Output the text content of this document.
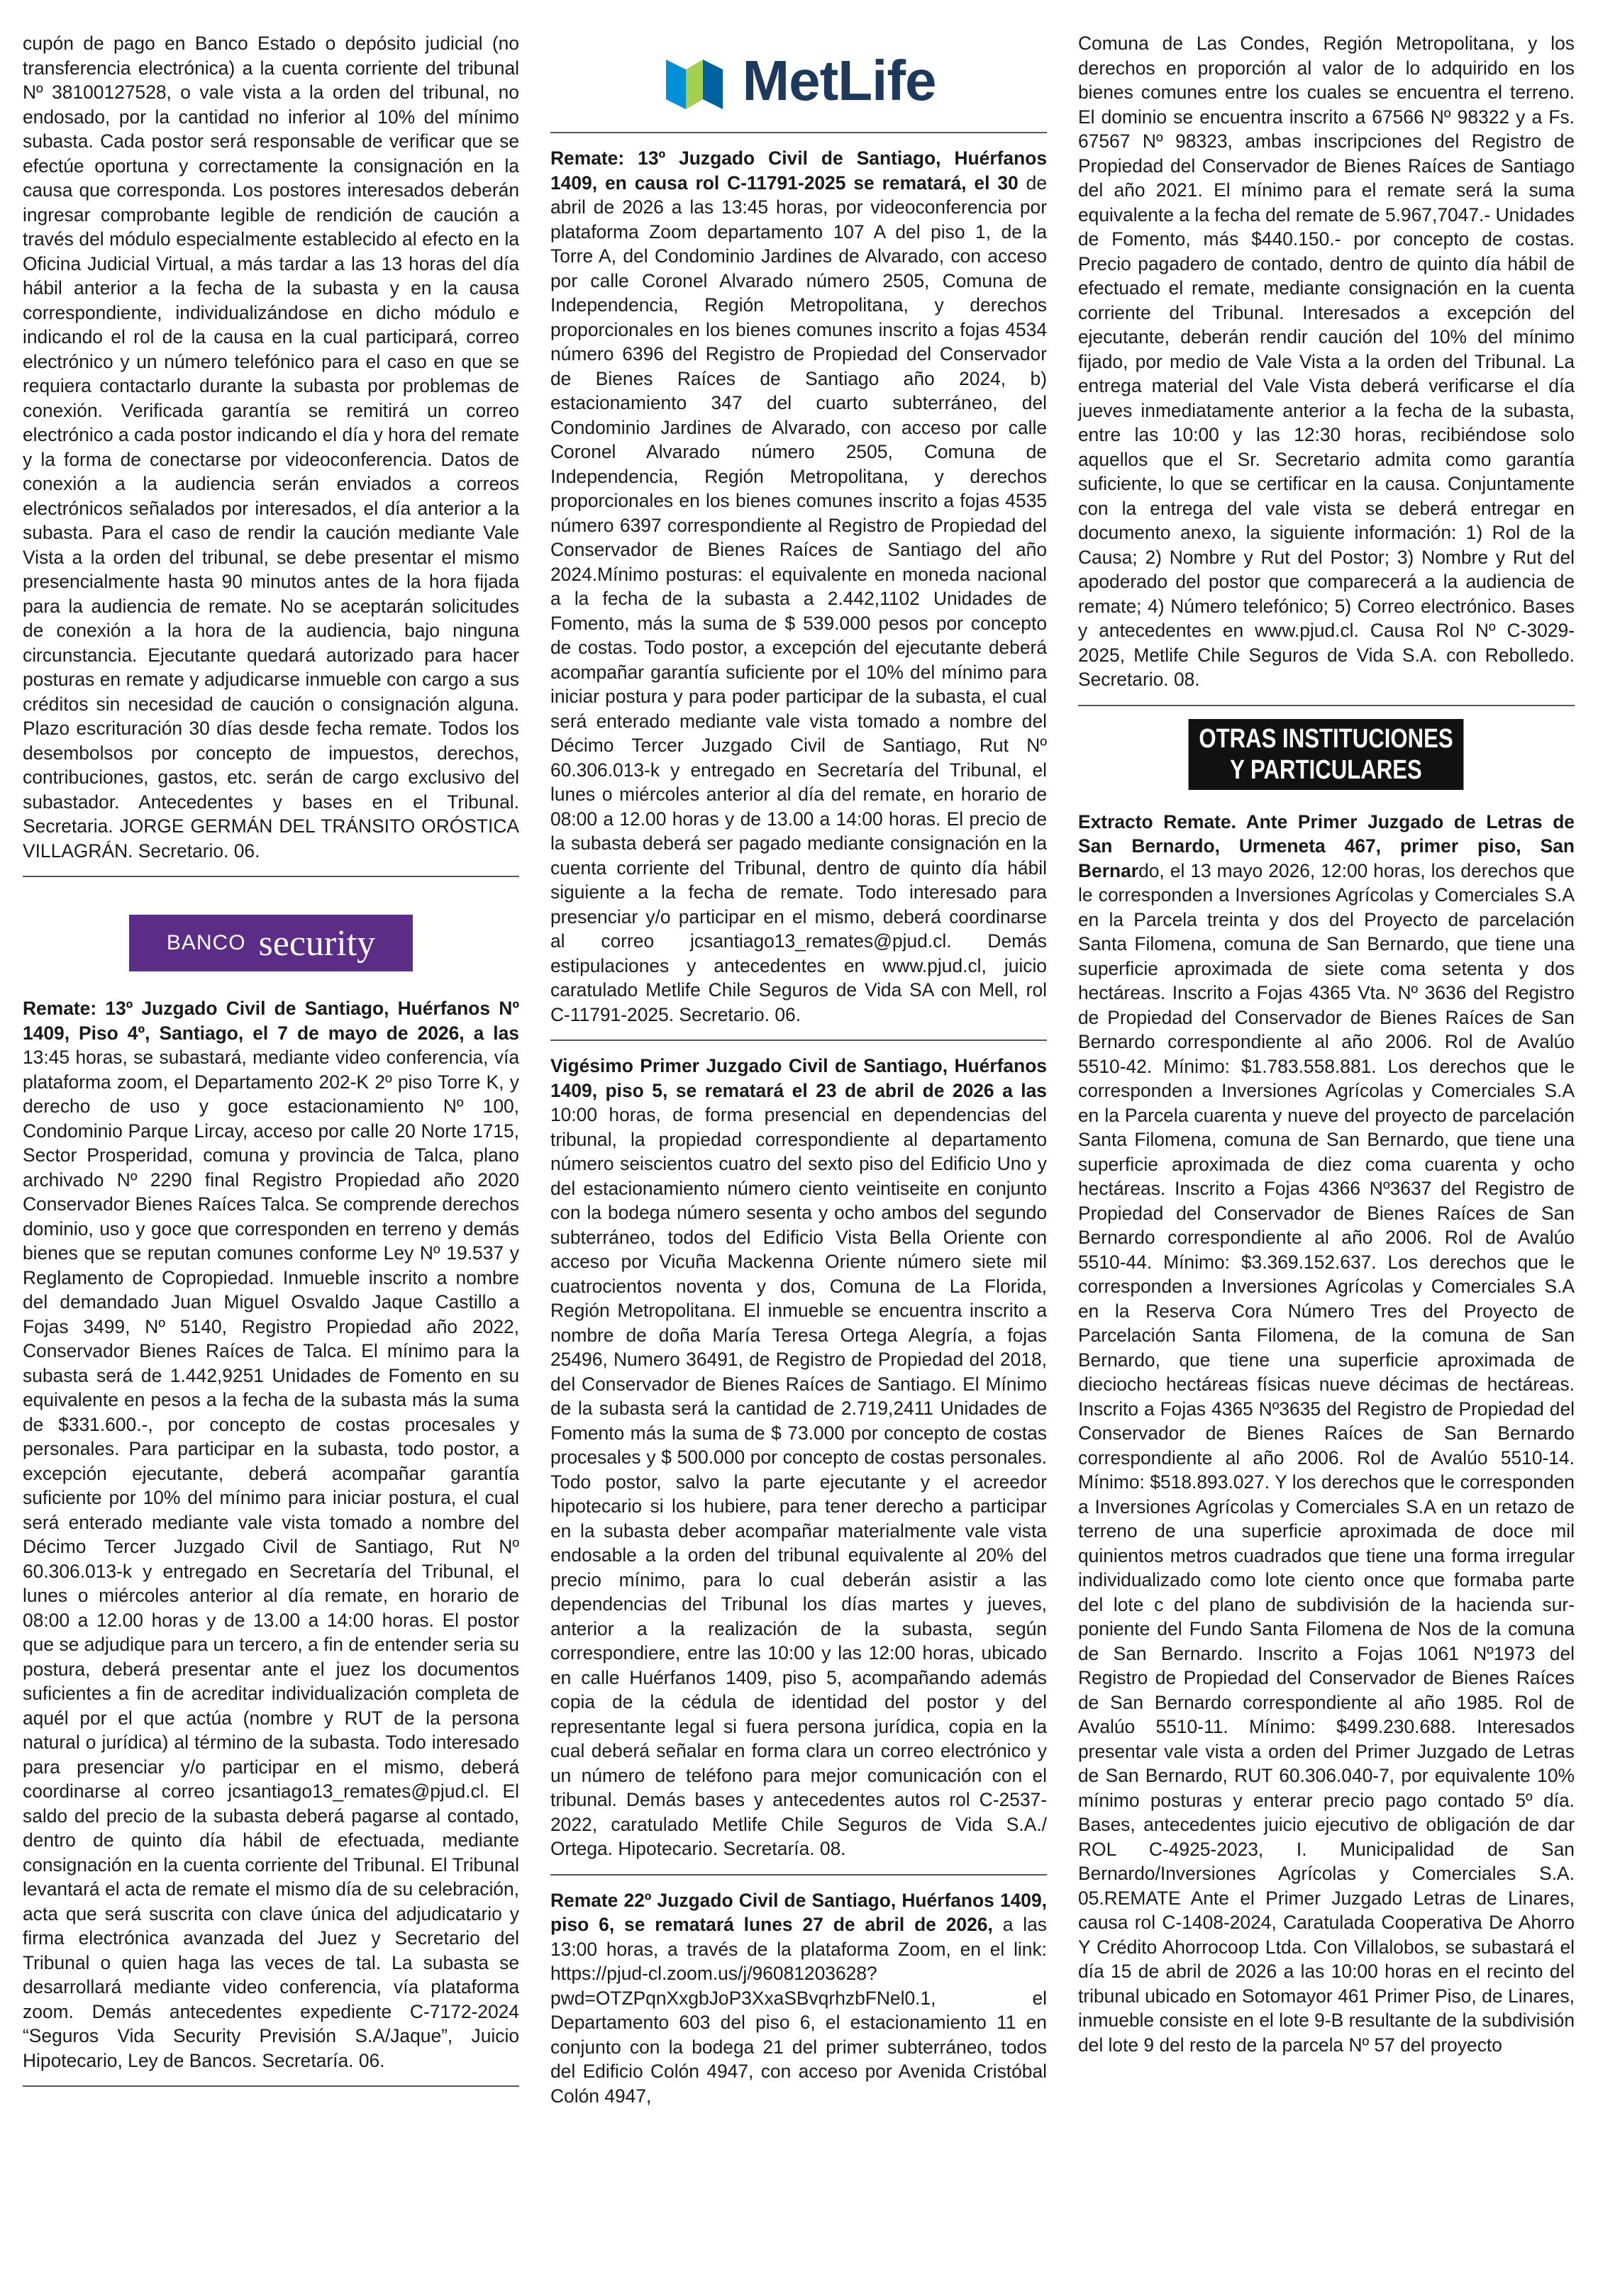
cupón de pago en Banco Estado o depósito judicial (no transferencia electrónica) a la cuenta corriente del tribunal Nº 38100127528, o vale vista a la orden del tribunal, no endosado, por la cantidad no inferior al 10% del mínimo subasta. Cada postor será responsable de verificar que se efectúe oportuna y correctamente la consignación en la causa que corresponda. Los postores interesados deberán ingresar comprobante legible de rendición de caución a través del módulo especialmente establecido al efecto en la Oficina Judicial Virtual, a más tardar a las 13 horas del día hábil anterior a la fecha de la subasta y en la causa correspondiente, individualizándose en dicho módulo e indicando el rol de la causa en la cual participará, correo electrónico y un número telefónico para el caso en que se requiera contactarlo durante la subasta por problemas de conexión. Verificada garantía se remitirá un correo electrónico a cada postor indicando el día y hora del remate y la forma de conectarse por videoconferencia. Datos de conexión a la audiencia serán enviados a correos electrónicos señalados por interesados, el día anterior a la subasta. Para el caso de rendir la caución mediante Vale Vista a la orden del tribunal, se debe presentar el mismo presencialmente hasta 90 minutos antes de la hora fijada para la audiencia de remate. No se aceptarán solicitudes de conexión a la hora de la audiencia, bajo ninguna circunstancia. Ejecutante quedará autorizado para hacer posturas en remate y adjudicarse inmueble con cargo a sus créditos sin necesidad de caución o consignación alguna. Plazo escrituración 30 días desde fecha remate. Todos los desembolsos por concepto de impuestos, derechos, contribuciones, gastos, etc. serán de cargo exclusivo del subastador. Antecedentes y bases en el Tribunal. Secretaria. JORGE GERMÁN DEL TRÁNSITO ORÓSTICA VILLAGRÁN. Secretario. 06.

BANCO security

Remate: 13º Juzgado Civil de Santiago, Huérfanos Nº 1409, Piso 4º, Santiago, el 7 de mayo de 2026, a las 13:45 horas, se subastará, mediante video conferencia, vía plataforma zoom, el Departamento 202-K 2º piso Torre K, y derecho de uso y goce estacionamiento Nº 100, Condominio Parque Lircay, acceso por calle 20 Norte 1715, Sector Prosperidad, comuna y provincia de Talca, plano archivado Nº 2290 final Registro Propiedad año 2020 Conservador Bienes Raíces Talca. Se comprende derechos dominio, uso y goce que corresponden en terreno y demás bienes que se reputan comunes conforme Ley Nº 19.537 y Reglamento de Copropiedad. Inmueble inscrito a nombre del demandado Juan Miguel Osvaldo Jaque Castillo a Fojas 3499, Nº 5140, Registro Propiedad año 2022, Conservador Bienes Raíces de Talca. El mínimo para la subasta será de 1.442,9251 Unidades de Fomento en su equivalente en pesos a la fecha de la subasta más la suma de $331.600.-, por concepto de costas procesales y personales. Para participar en la subasta, todo postor, a excepción ejecutante, deberá acompañar garantía suficiente por 10% del mínimo para iniciar postura, el cual será enterado mediante vale vista tomado a nombre del Décimo Tercer Juzgado Civil de Santiago, Rut Nº 60.306.013-k y entregado en Secretaría del Tribunal, el lunes o miércoles anterior al día remate, en horario de 08:00 a 12.00 horas y de 13.00 a 14:00 horas. El postor que se adjudique para un tercero, a fin de entender seria su postura, deberá presentar ante el juez los documentos suficientes a fin de acreditar individualización completa de aquél por el que actúa (nombre y RUT de la persona natural o jurídica) al término de la subasta. Todo interesado para presenciar y/o participar en el mismo, deberá coordinarse al correo jcsantiago13_remates@pjud.cl. El saldo del precio de la subasta deberá pagarse al contado, dentro de quinto día hábil de efectuada, mediante consignación en la cuenta corriente del Tribunal. El Tribunal levantará el acta de remate el mismo día de su celebración, acta que será suscrita con clave única del adjudicatario y firma electrónica avanzada del Juez y Secretario del Tribunal o quien haga las veces de tal. La subasta se desarrollará mediante video conferencia, vía plataforma zoom. Demás antecedentes expediente C-7172-2024 “Seguros Vida Security Previsión S.A/Jaque”, Juicio Hipotecario, Ley de Bancos. Secretaría. 06.

MetLife

Remate: 13º Juzgado Civil de Santiago, Huérfanos 1409, en causa rol C-11791-2025 se rematará, el 30 de abril de 2026 a las 13:45 horas, por videoconferencia por plataforma Zoom departamento 107 A del piso 1, de la Torre A, del Condominio Jardines de Alvarado, con acceso por calle Coronel Alvarado número 2505, Comuna de Independencia, Región Metropolitana, y derechos proporcionales en los bienes comunes inscrito a fojas 4534 número 6396 del Registro de Propiedad del Conservador de Bienes Raíces de Santiago año 2024, b) estacionamiento 347 del cuarto subterráneo, del Condominio Jardines de Alvarado, con acceso por calle Coronel Alvarado número 2505, Comuna de Independencia, Región Metropolitana, y derechos proporcionales en los bienes comunes inscrito a fojas 4535 número 6397 correspondiente al Registro de Propiedad del Conservador de Bienes Raíces de Santiago del año 2024.Mínimo posturas: el equivalente en moneda nacional a la fecha de la subasta a 2.442,1102 Unidades de Fomento, más la suma de $ 539.000 pesos por concepto de costas. Todo postor, a excepción del ejecutante deberá acompañar garantía suficiente por el 10% del mínimo para iniciar postura y para poder participar de la subasta, el cual será enterado mediante vale vista tomado a nombre del Décimo Tercer Juzgado Civil de Santiago, Rut Nº 60.306.013-k y entregado en Secretaría del Tribunal, el lunes o miércoles anterior al día del remate, en horario de 08:00 a 12.00 horas y de 13.00 a 14:00 horas. El precio de la subasta deberá ser pagado mediante consignación en la cuenta corriente del Tribunal, dentro de quinto día hábil siguiente a la fecha de remate. Todo interesado para presenciar y/o participar en el mismo, deberá coordinarse al correo jcsantiago13_remates@pjud.cl. Demás estipulaciones y antecedentes en www.pjud.cl, juicio caratulado Metlife Chile Seguros de Vida SA con Mell, rol C-11791-2025. Secretario. 06.

Vigésimo Primer Juzgado Civil de Santiago, Huérfanos 1409, piso 5, se rematará el 23 de abril de 2026 a las 10:00 horas, de forma presencial en dependencias del tribunal, la propiedad correspondiente al departamento número seiscientos cuatro del sexto piso del Edificio Uno y del estacionamiento número ciento veintiseite en conjunto con la bodega número sesenta y ocho ambos del segundo subterráneo, todos del Edificio Vista Bella Oriente con acceso por Vicuña Mackenna Oriente número siete mil cuatrocientos noventa y dos, Comuna de La Florida, Región Metropolitana. El inmueble se encuentra inscrito a nombre de doña María Teresa Ortega Alegría, a fojas 25496, Numero 36491, de Registro de Propiedad del 2018, del Conservador de Bienes Raíces de Santiago. El Mínimo de la subasta será la cantidad de 2.719,2411 Unidades de Fomento más la suma de $ 73.000 por concepto de costas procesales y $ 500.000 por concepto de costas personales. Todo postor, salvo la parte ejecutante y el acreedor hipotecario si los hubiere, para tener derecho a participar en la subasta deber acompañar materialmente vale vista endosable a la orden del tribunal equivalente al 20% del precio mínimo, para lo cual deberán asistir a las dependencias del Tribunal los días martes y jueves, anterior a la realización de la subasta, según correspondiere, entre las 10:00 y las 12:00 horas, ubicado en calle Huérfanos 1409, piso 5, acompañando además copia de la cédula de identidad del postor y del representante legal si fuera persona jurídica, copia en la cual deberá señalar en forma clara un correo electrónico y un número de teléfono para mejor comunicación con el tribunal. Demás bases y antecedentes autos rol C-2537-2022, caratulado Metlife Chile Seguros de Vida S.A./ Ortega. Hipotecario. Secretaría. 08.

Remate 22º Juzgado Civil de Santiago, Huérfanos 1409, piso 6, se rematará lunes 27 de abril de 2026, a las 13:00 horas, a través de la plataforma Zoom, en el link: https://pjud-cl.zoom.us/j/96081203628?pwd=OTZPqnXxgbJoP3XxaSBvqrhzbFNel0.1, el Departamento 603 del piso 6, el estacionamiento 11 en conjunto con la bodega 21 del primer subterráneo, todos del Edificio Colón 4947, con acceso por Avenida Cristóbal Colón 4947,

Comuna de Las Condes, Región Metropolitana, y los derechos en proporción al valor de lo adquirido en los bienes comunes entre los cuales se encuentra el terreno. El dominio se encuentra inscrito a 67566 Nº 98322 y a Fs. 67567 Nº 98323, ambas inscripciones del Registro de Propiedad del Conservador de Bienes Raíces de Santiago del año 2021. El mínimo para el remate será la suma equivalente a la fecha del remate de 5.967,7047.- Unidades de Fomento, más $440.150.- por concepto de costas. Precio pagadero de contado, dentro de quinto día hábil de efectuado el remate, mediante consignación en la cuenta corriente del Tribunal. Interesados a excepción del ejecutante, deberán rendir caución del 10% del mínimo fijado, por medio de Vale Vista a la orden del Tribunal. La entrega material del Vale Vista deberá verificarse el día jueves inmediatamente anterior a la fecha de la subasta, entre las 10:00 y las 12:30 horas, recibiéndose solo aquellos que el Sr. Secretario admita como garantía suficiente, lo que se certificar en la causa. Conjuntamente con la entrega del vale vista se deberá entregar en documento anexo, la siguiente información: 1) Rol de la Causa; 2) Nombre y Rut del Postor; 3) Nombre y Rut del apoderado del postor que comparecerá a la audiencia de remate; 4) Número telefónico; 5) Correo electrónico. Bases y antecedentes en www.pjud.cl. Causa Rol Nº C-3029-2025, Metlife Chile Seguros de Vida S.A. con Rebolledo. Secretario. 08.

OTRAS INSTITUCIONES
Y PARTICULARES

Extracto Remate. Ante Primer Juzgado de Letras de San Bernardo, Urmeneta 467, primer piso, San Bernardo, el 13 mayo 2026, 12:00 horas, los derechos que le corresponden a Inversiones Agrícolas y Comerciales S.A en la Parcela treinta y dos del Proyecto de parcelación Santa Filomena, comuna de San Bernardo, que tiene una superficie aproximada de siete coma setenta y dos hectáreas. Inscrito a Fojas 4365 Vta. Nº 3636 del Registro de Propiedad del Conservador de Bienes Raíces de San Bernardo correspondiente al año 2006. Rol de Avalúo 5510-42. Mínimo: $1.783.558.881. Los derechos que le corresponden a Inversiones Agrícolas y Comerciales S.A en la Parcela cuarenta y nueve del proyecto de parcelación Santa Filomena, comuna de San Bernardo, que tiene una superficie aproximada de diez coma cuarenta y ocho hectáreas. Inscrito a Fojas 4366 Nº3637 del Registro de Propiedad del Conservador de Bienes Raíces de San Bernardo correspondiente al año 2006. Rol de Avalúo 5510-44. Mínimo: $3.369.152.637. Los derechos que le corresponden a Inversiones Agrícolas y Comerciales S.A en la Reserva Cora Número Tres del Proyecto de Parcelación Santa Filomena, de la comuna de San Bernardo, que tiene una superficie aproximada de dieciocho hectáreas físicas nueve décimas de hectáreas. Inscrito a Fojas 4365 Nº3635 del Registro de Propiedad del Conservador de Bienes Raíces de San Bernardo correspondiente al año 2006. Rol de Avalúo 5510-14. Mínimo: $518.893.027. Y los derechos que le corresponden a Inversiones Agrícolas y Comerciales S.A en un retazo de terreno de una superficie aproximada de doce mil quinientos metros cuadrados que tiene una forma irregular individualizado como lote ciento once que formaba parte del lote c del plano de subdivisión de la hacienda sur-poniente del Fundo Santa Filomena de Nos de la comuna de San Bernardo. Inscrito a Fojas 1061 Nº1973 del Registro de Propiedad del Conservador de Bienes Raíces de San Bernardo correspondiente al año 1985. Rol de Avalúo 5510-11. Mínimo: $499.230.688. Interesados presentar vale vista a orden del Primer Juzgado de Letras de San Bernardo, RUT 60.306.040-7, por equivalente 10% mínimo posturas y enterar precio pago contado 5º día. Bases, antecedentes juicio ejecutivo de obligación de dar ROL C-4925-2023, I. Municipalidad de San Bernardo/Inversiones Agrícolas y Comerciales S.A. 05.REMATE Ante el Primer Juzgado Letras de Linares, causa rol C-1408-2024, Caratulada Cooperativa De Ahorro Y Crédito Ahorrocoop Ltda. Con Villalobos, se subastará el día 15 de abril de 2026 a las 10:00 horas en el recinto del tribunal ubicado en Sotomayor 461 Primer Piso, de Linares, inmueble consiste en el lote 9-B resultante de la subdivisión del lote 9 del resto de la parcela Nº 57 del proyecto
